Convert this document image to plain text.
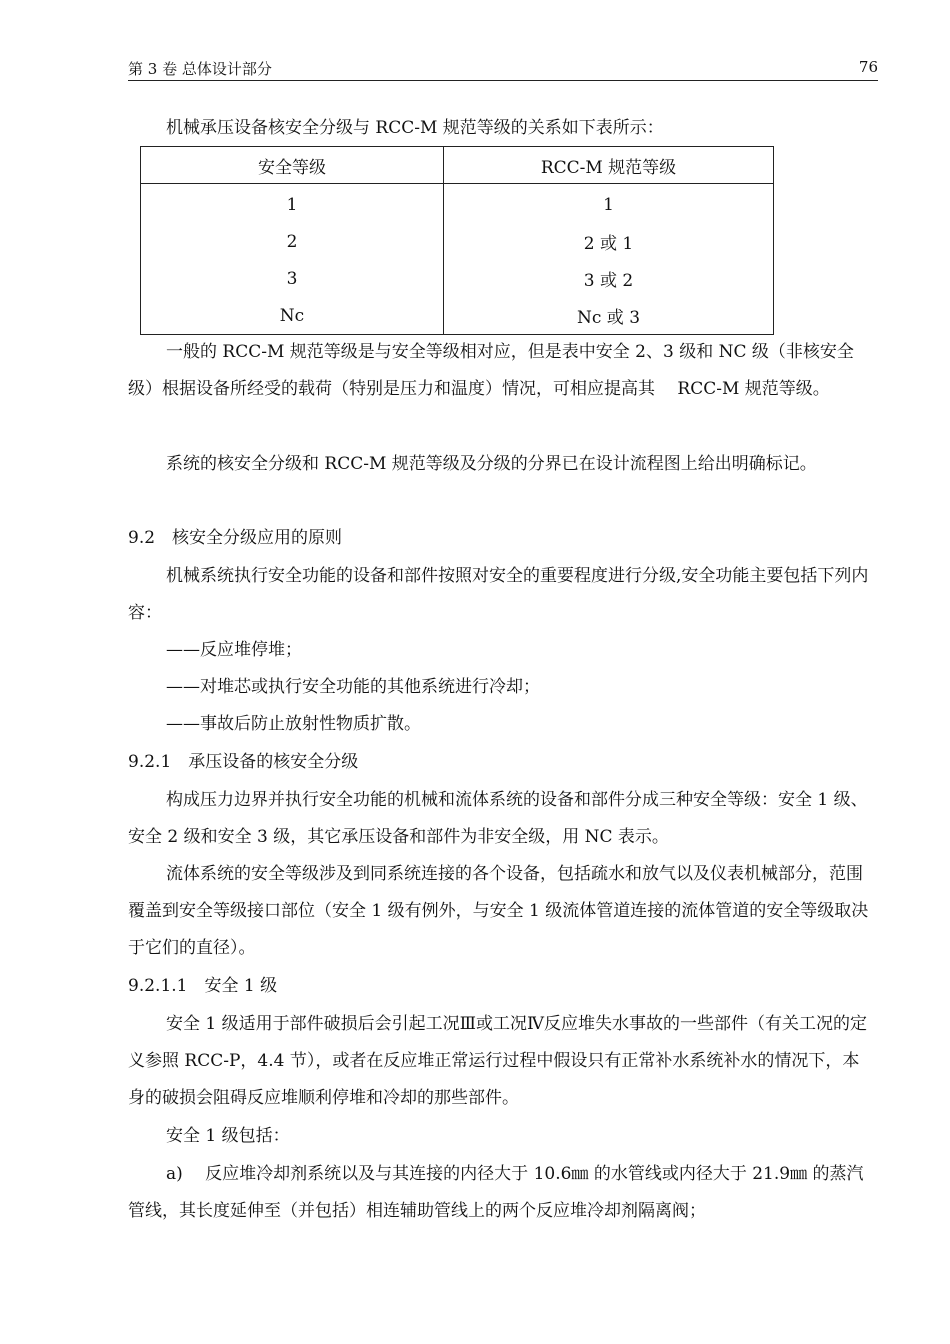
第 3 卷 总体设计部分	76

机械承压设备核安全分级与 RCC-M 规范等级的关系如下表所示：

安全等级	RCC-M 规范等级
1	1
2	2 或 1
3	3 或 2
Nc	Nc 或 3

一般的 RCC-M 规范等级是与安全等级相对应，但是表中安全 2、3 级和 NC 级（非核安全级）根据设备所经受的载荷（特别是压力和温度）情况，可相应提高其　 RCC-M 规范等级。

系统的核安全分级和 RCC-M 规范等级及分级的分界已在设计流程图上给出明确标记。

9.2　核安全分级应用的原则

机械系统执行安全功能的设备和部件按照对安全的重要程度进行分级,安全功能主要包括下列内容：

——反应堆停堆；
——对堆芯或执行安全功能的其他系统进行冷却；
——事故后防止放射性物质扩散。
9.2.1　承压设备的核安全分级

构成压力边界并执行安全功能的机械和流体系统的设备和部件分成三种安全等级：安全 1 级、安全 2 级和安全 3 级，其它承压设备和部件为非安全级，用 NC 表示。

流体系统的安全等级涉及到同系统连接的各个设备，包括疏水和放气以及仪表机械部分，范围覆盖到安全等级接口部位（安全 1 级有例外，与安全 1 级流体管道连接的流体管道的安全等级取决于它们的直径）。

9.2.1.1　安全 1 级

安全 1 级适用于部件破损后会引起工况Ⅲ或工况Ⅳ反应堆失水事故的一些部件（有关工况的定义参照 RCC-P，4.4 节），或者在反应堆正常运行过程中假设只有正常补水系统补水的情况下，本身的破损会阻碍反应堆顺利停堆和冷却的那些部件。

安全 1 级包括：

a)　 反应堆冷却剂系统以及与其连接的内径大于 10.6㎜ 的水管线或内径大于 21.9㎜ 的蒸汽管线，其长度延伸至（并包括）相连辅助管线上的两个反应堆冷却剂隔离阀；
